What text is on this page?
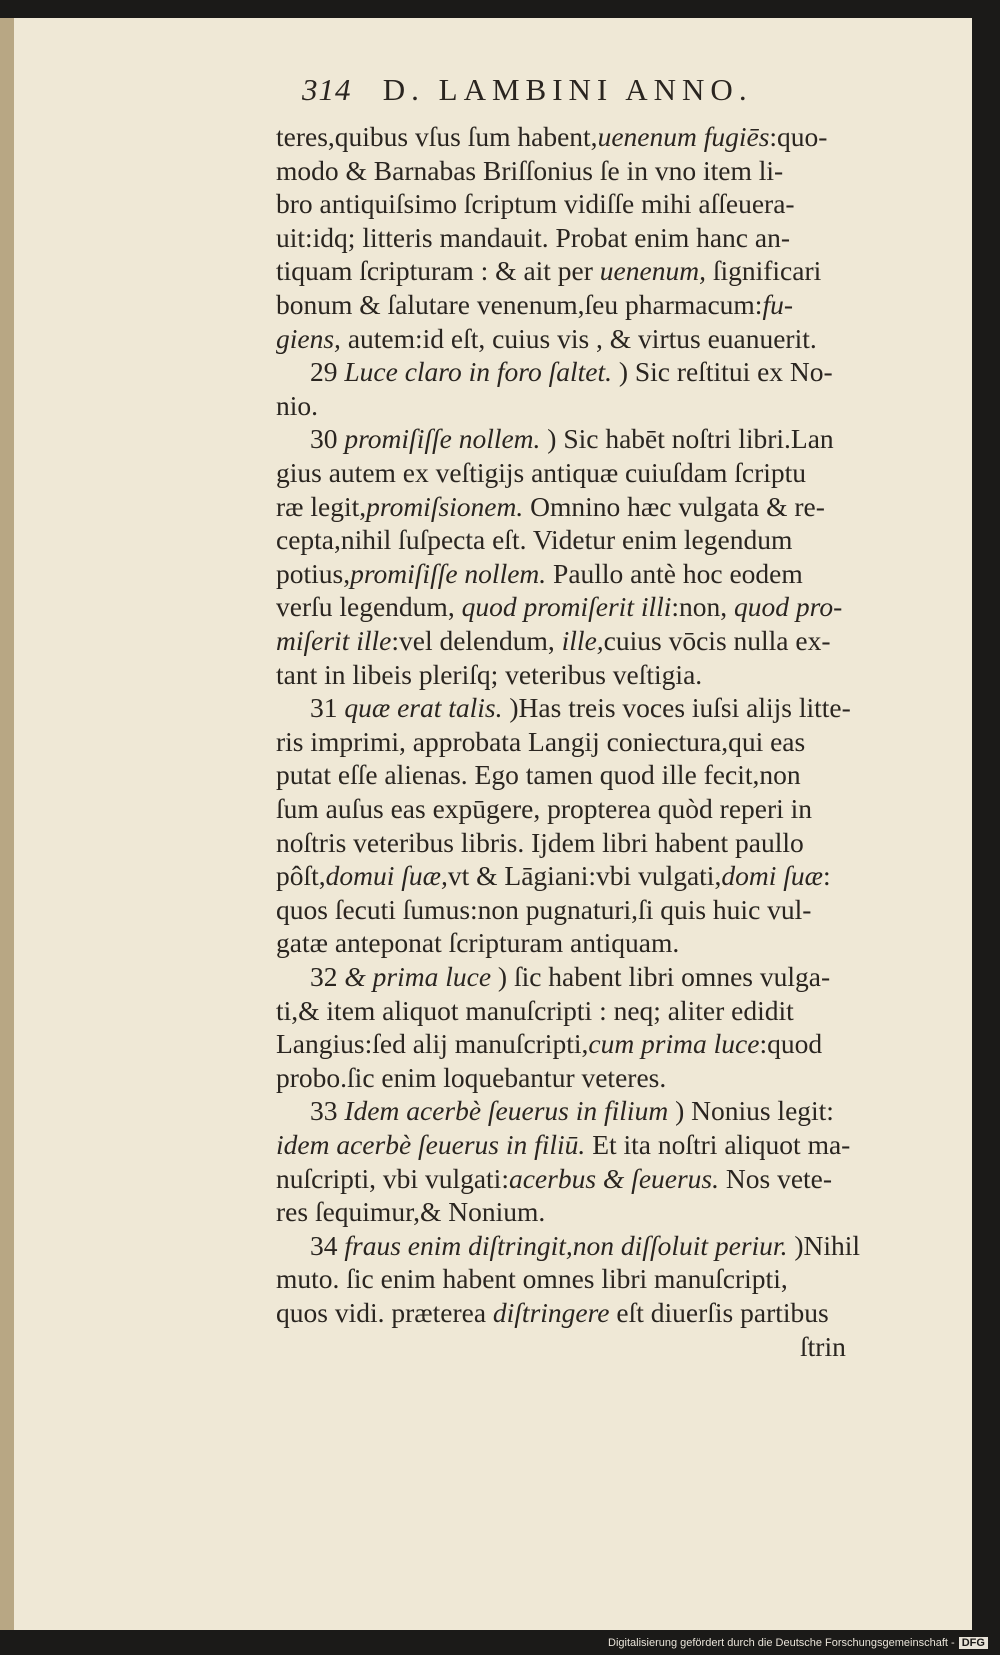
314 D. LAMBINI ANNO.
teres,quibus vſus ſum habent,uenenum fugiēs:quo-
modo & Barnabas Briſſonius ſe in vno item li-
bro antiquiſsimo ſcriptum vidiſſe mihi aſſeuera-
uit:idq; litteris mandauit. Probat enim hanc an-
tiquam ſcripturam : & ait per uenenum, ſignificari
bonum & ſalutare venenum,ſeu pharmacum:fu-
giens, autem:id eſt, cuius vis , & virtus euanuerit.
29 Luce claro in foro ſaltet. ) Sic reſtitui ex No-
nio.
30 promiſiſſe nollem. ) Sic habēt noſtri libri.Lan
gius autem ex veſtigijs antiquæ cuiuſdam ſcriptu
ræ legit,promiſsionem. Omnino hæc vulgata & re-
cepta,nihil ſuſpecta eſt. Videtur enim legendum
potius,promiſiſſe nollem. Paullo antè hoc eodem
verſu legendum, quod promiſerit illi:non, quod pro-
miſerit ille:vel delendum, ille,cuius vōcis nulla ex-
tant in libeis pleriſq; veteribus veſtigia.
31 quæ erat talis. )Has treis voces iuſsi alijs litte-
ris imprimi, approbata Langij coniectura,qui eas
putat eſſe alienas. Ego tamen quod ille fecit,non
ſum auſus eas expūgere, propterea quòd reperi in
noſtris veteribus libris. Ijdem libri habent paullo
pôſt,domui ſuæ,vt & Lāgiani:vbi vulgati,domi ſuæ:
quos ſecuti ſumus:non pugnaturi,ſi quis huic vul-
gatæ anteponat ſcripturam antiquam.
32 & prima luce ) ſic habent libri omnes vulga-
ti,& item aliquot manuſcripti : neq; aliter edidit
Langius:ſed alij manuſcripti,cum prima luce:quod
probo.ſic enim loquebantur veteres.
33 Idem acerbè ſeuerus in filium ) Nonius legit:
idem acerbè ſeuerus in filiū. Et ita noſtri aliquot ma-
nuſcripti, vbi vulgati:acerbus & ſeuerus. Nos vete-
res ſequimur,& Nonium.
34 fraus enim diſtringit,non diſſoluit periur. )Nihil
muto. ſic enim habent omnes libri manuſcripti,
quos vidi. præterea diſtringere eſt diuerſis partibus
ſtrin
Digitalisierung gefördert durch die Deutsche Forschungsgemeinschaft - DFG
